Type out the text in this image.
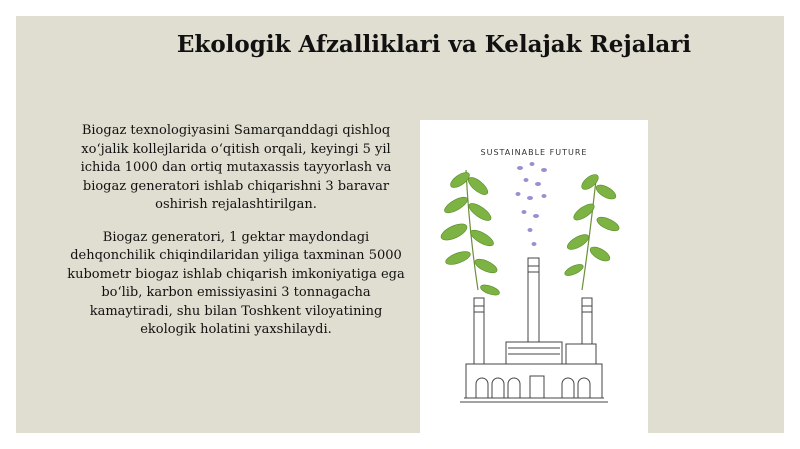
Ekologik Afzalliklari va Kelajak Rejalari

Biogaz texnologiyasini Samarqanddagi qishloq xo‘jalik kollejlarida o‘qitish orqali, keyingi 5 yil ichida 1000 dan ortiq mutaxassis tayyorlash va biogaz generatori ishlab chiqarishni 3 baravar oshirish rejalashtirilgan.

Biogaz generatori, 1 gektar maydondagi dehqonchilik chiqindilaridan yiliga taxminan 5000 kubometr biogaz ishlab chiqarish imkoniyatiga ega bo‘lib, karbon emissiyasini 3 tonnagacha kamaytiradi, shu bilan Toshkent viloyatining ekologik holatini yaxshilaydi.

SUSTAINABLE FUTURE
